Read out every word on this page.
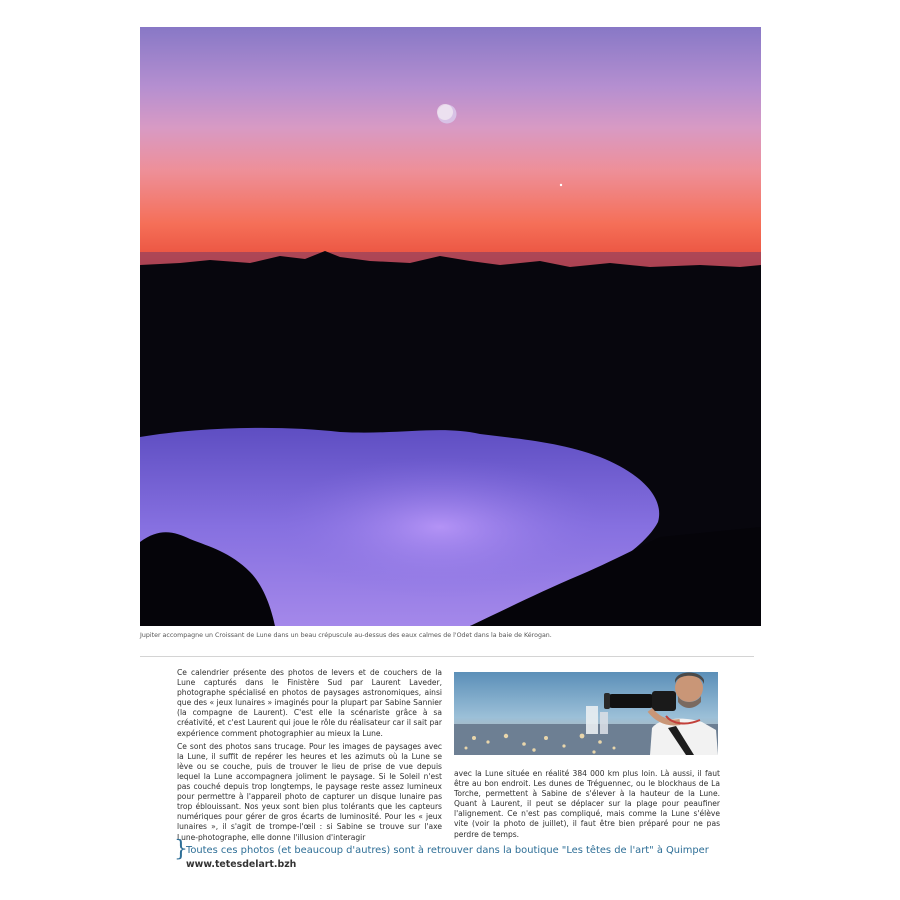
Jupiter accompagne un Croissant de Lune dans un beau crépuscule au-dessus des eaux calmes de l'Odet dans la baie de Kérogan.

Ce calendrier présente des photos de levers et de couchers de la Lune capturés dans le Finistère Sud par Laurent Laveder, photographe spécialisé en photos de paysages astronomiques, ainsi que des « jeux lunaires » imaginés pour la plupart par Sabine Sannier (la compagne de Laurent). C'est elle la scénariste grâce à sa créativité, et c'est Laurent qui joue le rôle du réalisateur car il sait par expérience comment photographier au mieux la Lune.

Ce sont des photos sans trucage. Pour les images de paysages avec la Lune, il suffit de repérer les heures et les azimuts où la Lune se lève ou se couche, puis de trouver le lieu de prise de vue depuis lequel la Lune accompagnera joliment le paysage. Si le Soleil n'est pas couché depuis trop longtemps, le paysage reste assez lumineux pour permettre à l'appareil photo de capturer un disque lunaire pas trop éblouissant. Nos yeux sont bien plus tolérants que les capteurs numériques pour gérer de gros écarts de luminosité. Pour les « jeux lunaires », il s'agit de trompe-l'œil : si Sabine se trouve sur l'axe Lune-photographe, elle donne l'illusion d'interagir

avec la Lune située en réalité 384 000 km plus loin. Là aussi, il faut être au bon endroit. Les dunes de Tréguennec, ou le blockhaus de La Torche, permettent à Sabine de s'élever à la hauteur de la Lune. Quant à Laurent, il peut se déplacer sur la plage pour peaufiner l'alignement. Ce n'est pas compliqué, mais comme la Lune s'élève vite (voir la photo de juillet), il faut être bien préparé pour ne pas perdre de temps.

}
Toutes ces photos (et beaucoup d'autres) sont à retrouver dans la boutique "Les têtes de l'art" à Quimper
www.tetesdelart.bzh
